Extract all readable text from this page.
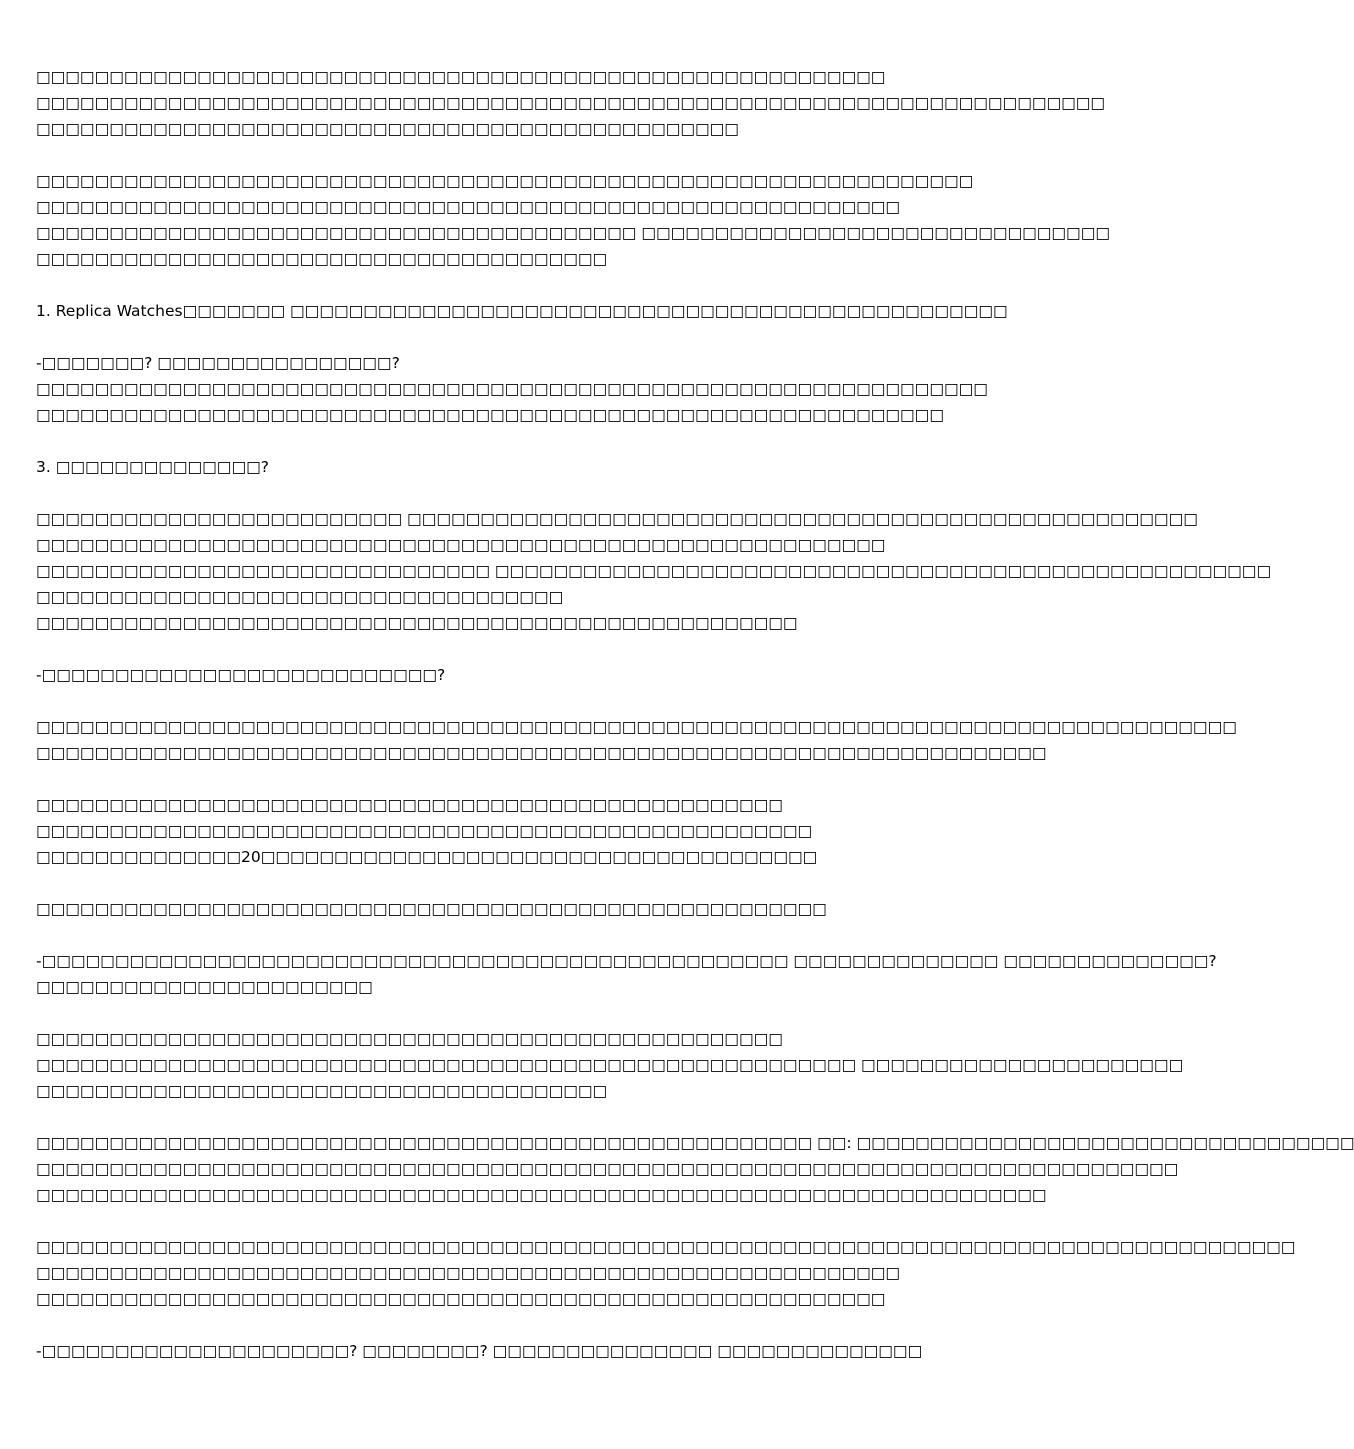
□□□□□□□□□□□□□□□□□□□□□□□□□□□□□□□□□□□□□□□□□□□□□□□□□□□□□□□□□□
□□□□□□□□□□□□□□□□□□□□□□□□□□□□□□□□□□□□□□□□□□□□□□□□□□□□□□□□□□□□□□□□□□□□□□□□□
□□□□□□□□□□□□□□□□□□□□□□□□□□□□□□□□□□□□□□□□□□□□□□□□
□□□□□□□□□□□□□□□□□□□□□□□□□□□□□□□□□□□□□□□□□□□□□□□□□□□□□□□□□□□□□□□□
□□□□□□□□□□□□□□□□□□□□□□□□□□□□□□□□□□□□□□□□□□□□□□□□□□□□□□□□□□□
□□□□□□□□□□□□□□□□□□□□□□□□□□□□□□□□□□□□□□□□□ □□□□□□□□□□□□□□□□□□□□□□□□□□□□□□□□
□□□□□□□□□□□□□□□□□□□□□□□□□□□□□□□□□□□□□□□
1. Replica Watches□□□□□□□ □□□□□□□□□□□□□□□□□□□□□□□□□□□□□□□□□□□□□□□□□□□□□□□□□
-□□□□□□□? □□□□□□□□□□□□□□□□?
□□□□□□□□□□□□□□□□□□□□□□□□□□□□□□□□□□□□□□□□□□□□□□□□□□□□□□□□□□□□□□□□□
□□□□□□□□□□□□□□□□□□□□□□□□□□□□□□□□□□□□□□□□□□□□□□□□□□□□□□□□□□□□□□
3. □□□□□□□□□□□□□□?
□□□□□□□□□□□□□□□□□□□□□□□□□ □□□□□□□□□□□□□□□□□□□□□□□□□□□□□□□□□□□□□□□□□□□□□□□□□□□□□□
□□□□□□□□□□□□□□□□□□□□□□□□□□□□□□□□□□□□□□□□□□□□□□□□□□□□□□□□□□
□□□□□□□□□□□□□□□□□□□□□□□□□□□□□□□ □□□□□□□□□□□□□□□□□□□□□□□□□□□□□□□□□□□□□□□□□□□□□□□□□□□□□
□□□□□□□□□□□□□□□□□□□□□□□□□□□□□□□□□□□□
□□□□□□□□□□□□□□□□□□□□□□□□□□□□□□□□□□□□□□□□□□□□□□□□□□□□
-□□□□□□□□□□□□□□□□□□□□□□□□□□□?
□□□□□□□□□□□□□□□□□□□□□□□□□□□□□□□□□□□□□□□□□□□□□□□□□□□□□□□□□□□□□□□□□□□□□□□□□□□□□□□□□□
□□□□□□□□□□□□□□□□□□□□□□□□□□□□□□□□□□□□□□□□□□□□□□□□□□□□□□□□□□□□□□□□□□□□□
□□□□□□□□□□□□□□□□□□□□□□□□□□□□□□□□□□□□□□□□□□□□□□□□□□□
□□□□□□□□□□□□□□□□□□□□□□□□□□□□□□□□□□□□□□□□□□□□□□□□□□□□□
□□□□□□□□□□□□□□20□□□□□□□□□□□□□□□□□□□□□□□□□□□□□□□□□□□□□□
□□□□□□□□□□□□□□□□□□□□□□□□□□□□□□□□□□□□□□□□□□□□□□□□□□□□□□
-□□□□□□□□□□□□□□□□□□□□□□□□□□□□□□□□□□□□□□□□□□□□□□□□□□□ □□□□□□□□□□□□□□ □□□□□□□□□□□□□□?
□□□□□□□□□□□□□□□□□□□□□□□
□□□□□□□□□□□□□□□□□□□□□□□□□□□□□□□□□□□□□□□□□□□□□□□□□□□
□□□□□□□□□□□□□□□□□□□□□□□□□□□□□□□□□□□□□□□□□□□□□□□□□□□□□□□□ □□□□□□□□□□□□□□□□□□□□□□
□□□□□□□□□□□□□□□□□□□□□□□□□□□□□□□□□□□□□□□
□□□□□□□□□□□□□□□□□□□□□□□□□□□□□□□□□□□□□□□□□□□□□□□□□□□□□ □□: □□□□□□□□□□□□□□□□□□□□□□□□□□□□□□□□□□
□□□□□□□□□□□□□□□□□□□□□□□□□□□□□□□□□□□□□□□□□□□□□□□□□□□□□□□□□□□□□□□□□□□□□□□□□□□□□□
□□□□□□□□□□□□□□□□□□□□□□□□□□□□□□□□□□□□□□□□□□□□□□□□□□□□□□□□□□□□□□□□□□□□□
□□□□□□□□□□□□□□□□□□□□□□□□□□□□□□□□□□□□□□□□□□□□□□□□□□□□□□□□□□□□□□□□□□□□□□□□□□□□□□□□□□□□□□
□□□□□□□□□□□□□□□□□□□□□□□□□□□□□□□□□□□□□□□□□□□□□□□□□□□□□□□□□□□
□□□□□□□□□□□□□□□□□□□□□□□□□□□□□□□□□□□□□□□□□□□□□□□□□□□□□□□□□□
-□□□□□□□□□□□□□□□□□□□□□? □□□□□□□□? □□□□□□□□□□□□□□□ □□□□□□□□□□□□□□
